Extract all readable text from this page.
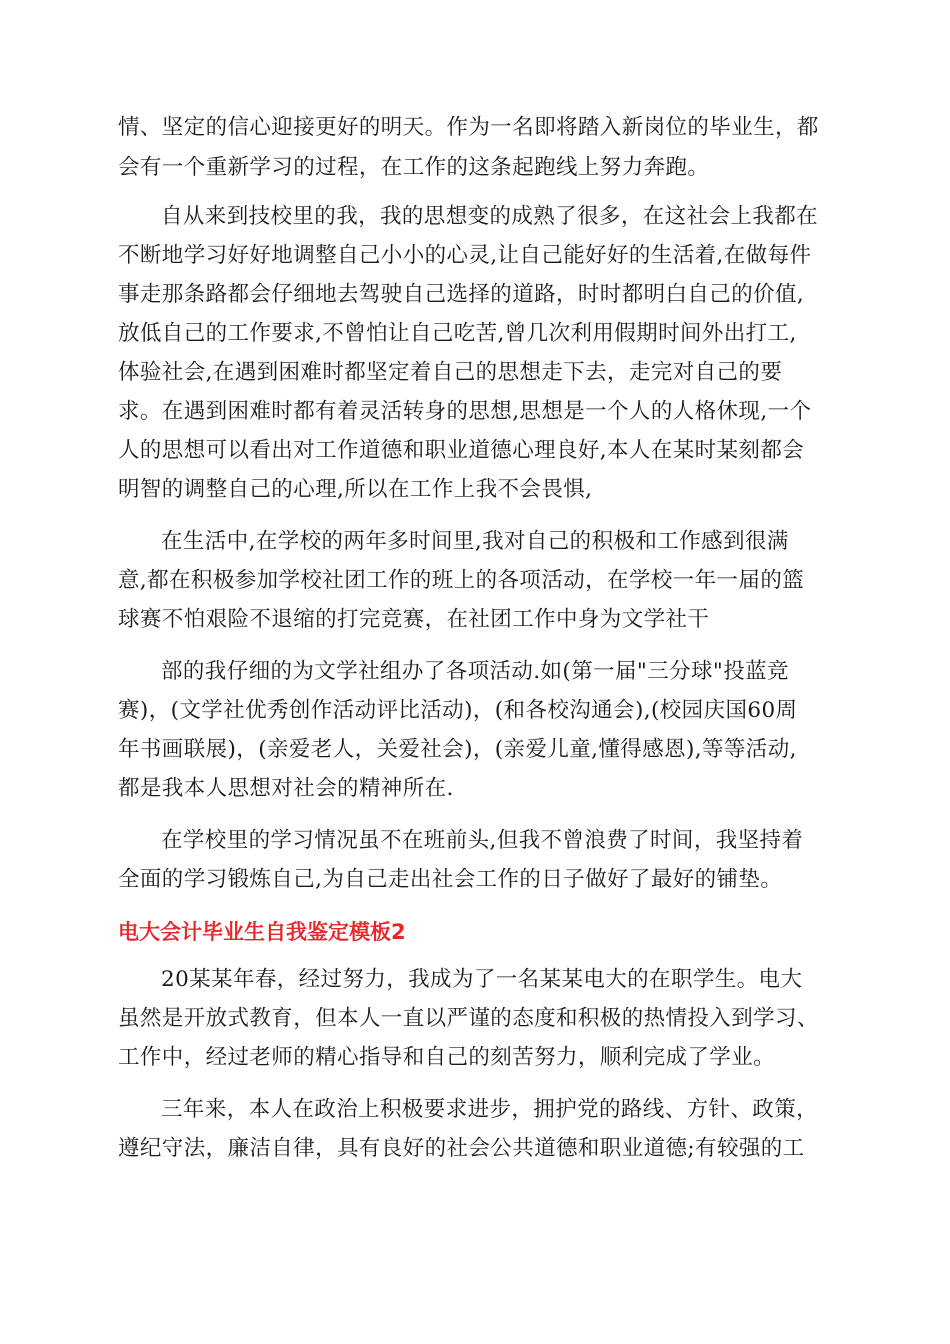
情、坚定的信心迎接更好的明天。作为一名即将踏入新岗位的毕业生，都
会有一个重新学习的过程，在工作的这条起跑线上努力奔跑。
自从来到技校里的我，我的思想变的成熟了很多，在这社会上我都在
不断地学习好好地调整自己小小的心灵,让自己能好好的生活着,在做每件
事走那条路都会仔细地去驾驶自己选择的道路，时时都明白自己的价值,
放低自己的工作要求,不曾怕让自己吃苦,曾几次利用假期时间外出打工,
体验社会,在遇到困难时都坚定着自己的思想走下去，走完对自己的要
求。在遇到困难时都有着灵活转身的思想,思想是一个人的人格休现,一个
人的思想可以看出对工作道德和职业道德心理良好,本人在某时某刻都会
明智的调整自己的心理,所以在工作上我不会畏惧,
在生活中,在学校的两年多时间里,我对自己的积极和工作感到很满
意,都在积极参加学校社团工作的班上的各项活动，在学校一年一届的篮
球赛不怕艰险不退缩的打完竞赛，在社团工作中身为文学社干
部的我仔细的为文学社组办了各项活动.如(第一届"三分球"投蓝竞
赛)，(文学社优秀创作活动评比活动)，(和各校沟通会),(校园庆国60周
年书画联展)，(亲爱老人，关爱社会)，(亲爱儿童,懂得感恩),等等活动,
都是我本人思想对社会的精神所在.
在学校里的学习情况虽不在班前头,但我不曾浪费了时间，我坚持着
全面的学习锻炼自己,为自己走出社会工作的日子做好了最好的铺垫。
电大会计毕业生自我鉴定模板2
20某某年春，经过努力，我成为了一名某某电大的在职学生。电大
虽然是开放式教育，但本人一直以严谨的态度和积极的热情投入到学习、
工作中，经过老师的精心指导和自己的刻苦努力，顺利完成了学业。
三年来，本人在政治上积极要求进步，拥护党的路线、方针、政策，
遵纪守法，廉洁自律，具有良好的社会公共道德和职业道德;有较强的工
